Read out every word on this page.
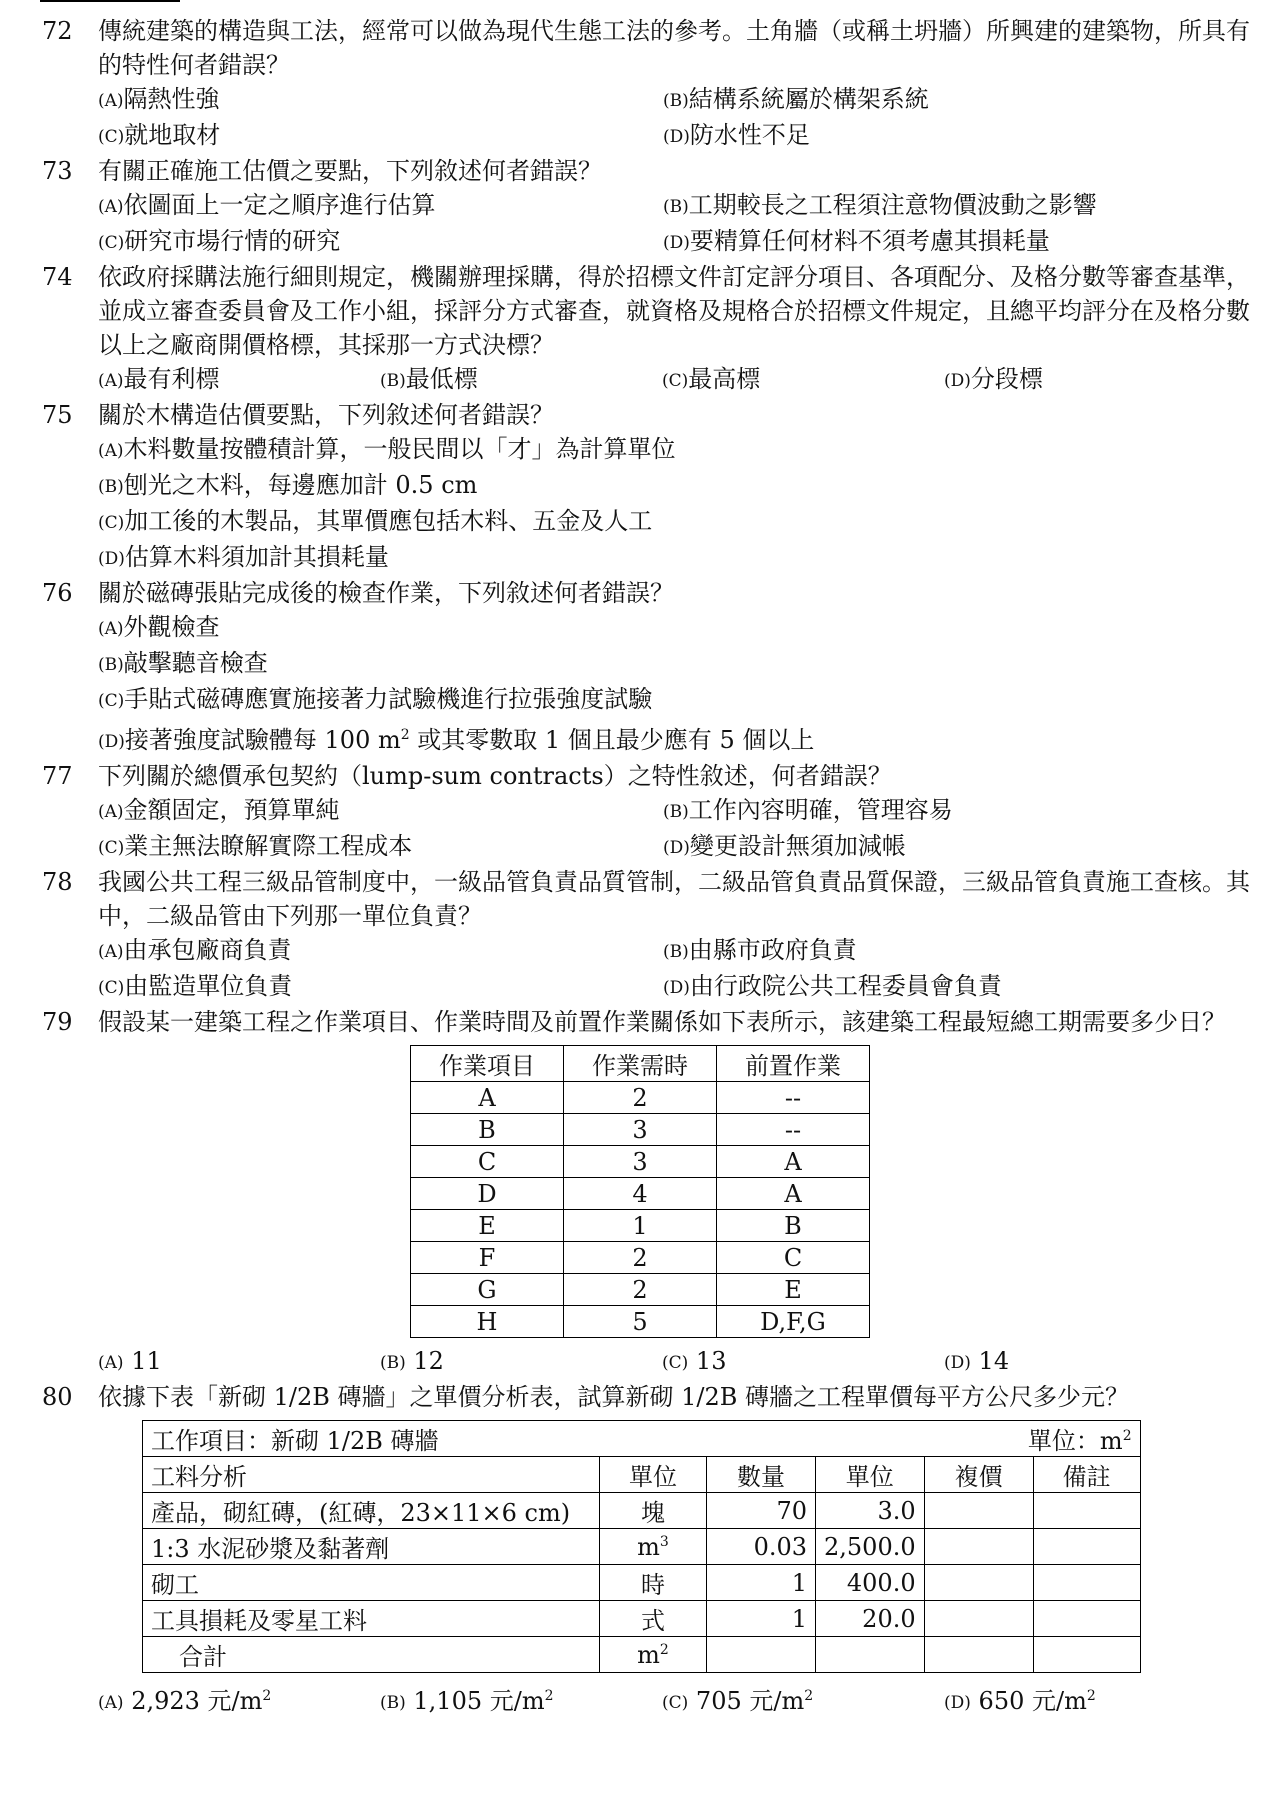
72	傳統建築的構造與工法，經常可以做為現代生態工法的參考。土角牆（或稱土坍牆）所興建的建築物，所具有的特性何者錯誤？
(A)隔熱性強	(B)結構系統屬於構架系統
(C)就地取材	(D)防水性不足
73	有關正確施工估價之要點，下列敘述何者錯誤？
(A)依圖面上一定之順序進行估算	(B)工期較長之工程須注意物價波動之影響
(C)研究市場行情的研究	(D)要精算任何材料不須考慮其損耗量
74	依政府採購法施行細則規定，機關辦理採購，得於招標文件訂定評分項目、各項配分、及格分數等審查基準，並成立審查委員會及工作小組，採評分方式審查，就資格及規格合於招標文件規定，且總平均評分在及格分數以上之廠商開價格標，其採那一方式決標？
(A)最有利標	(B)最低標	(C)最高標	(D)分段標
75	關於木構造估價要點，下列敘述何者錯誤？
(A)木料數量按體積計算，一般民間以「才」為計算單位
(B)刨光之木料，每邊應加計 0.5 cm
(C)加工後的木製品，其單價應包括木料、五金及人工
(D)估算木料須加計其損耗量
76	關於磁磚張貼完成後的檢查作業，下列敘述何者錯誤？
(A)外觀檢查
(B)敲擊聽音檢查
(C)手貼式磁磚應實施接著力試驗機進行拉張強度試驗
(D)接著強度試驗體每 100 $m^2$ 或其零數取 1 個且最少應有 5 個以上
77	下列關於總價承包契約（lump-sum contracts）之特性敘述，何者錯誤？
(A)金額固定，預算單純	(B)工作內容明確，管理容易
(C)業主無法瞭解實際工程成本	(D)變更設計無須加減帳
78	我國公共工程三級品管制度中，一級品管負責品質管制，二級品管負責品質保證，三級品管負責施工查核。其中，二級品管由下列那一單位負責？
(A)由承包廠商負責	(B)由縣市政府負責
(C)由監造單位負責	(D)由行政院公共工程委員會負責
79	假設某一建築工程之作業項目、作業時間及前置作業關係如下表所示，該建築工程最短總工期需要多少日？
作業項目	作業需時	前置作業
A	2	--
B	3	--
C	3	A
D	4	A
E	1	B
F	2	C
G	2	E
H	5	D,F,G
(A) 11	(B) 12	(C) 13	(D) 14
80	依據下表「新砌 1/2B 磚牆」之單價分析表，試算新砌 1/2B 磚牆之工程單價每平方公尺多少元？
工作項目：新砌 1/2B 磚牆 單位：$m^2$

工料分析	單位	數量	單位	複價	備註
產品，砌紅磚，(紅磚，23×11×6 cm)	塊	70	3.0		
1:3 水泥砂漿及黏著劑	$m^3$	0.03	2,500.0		
砌工	時	1	400.0		
工具損耗及零星工料	式	1	20.0		
合計	$m^2$				
(A) 2,923 元$/m^2$	(B) 1,105 元$/m^2$	(C) 705 元$/m^2$	(D) 650 元$/m^2$
